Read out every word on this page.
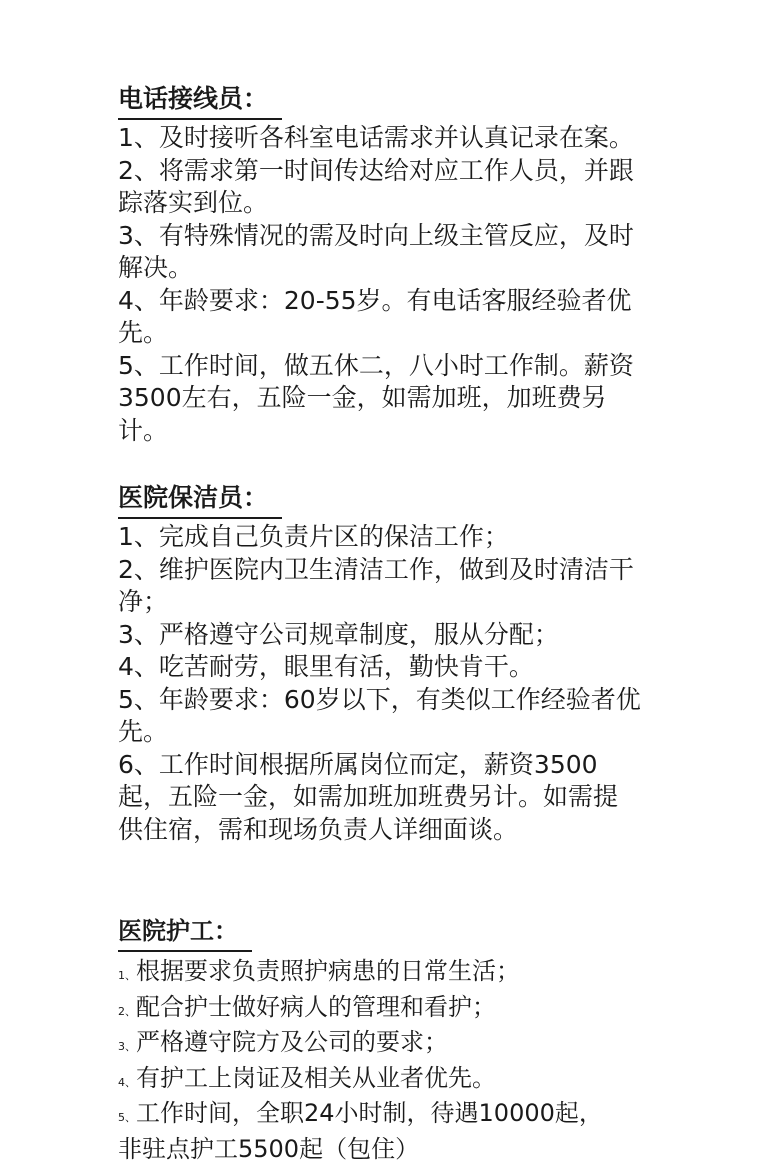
电话接线员：

1、及时接听各科室电话需求并认真记录在案。

2、将需求第一时间传达给对应工作人员，并跟

踪落实到位。

3、有特殊情况的需及时向上级主管反应，及时

解决。

4、年龄要求：20-55岁。有电话客服经验者优

先。

5、工作时间，做五休二，八小时工作制。薪资

3500左右，五险一金，如需加班，加班费另

计。

医院保洁员：

1、完成自己负责片区的保洁工作；

2、维护医院内卫生清洁工作，做到及时清洁干

净；

3、严格遵守公司规章制度，服从分配；

4、吃苦耐劳，眼里有活，勤快肯干。

5、年龄要求：60岁以下，有类似工作经验者优

先。

6、工作时间根据所属岗位而定，薪资3500

起，五险一金，如需加班加班费另计。如需提

供住宿，需和现场负责人详细面谈。

医院护工：

1、根据要求负责照护病患的日常生活；

2、配合护士做好病人的管理和看护；

3、严格遵守院方及公司的要求；

4、有护工上岗证及相关从业者优先。

5、工作时间，全职24小时制，待遇10000起，

非驻点护工5500起（包住）
